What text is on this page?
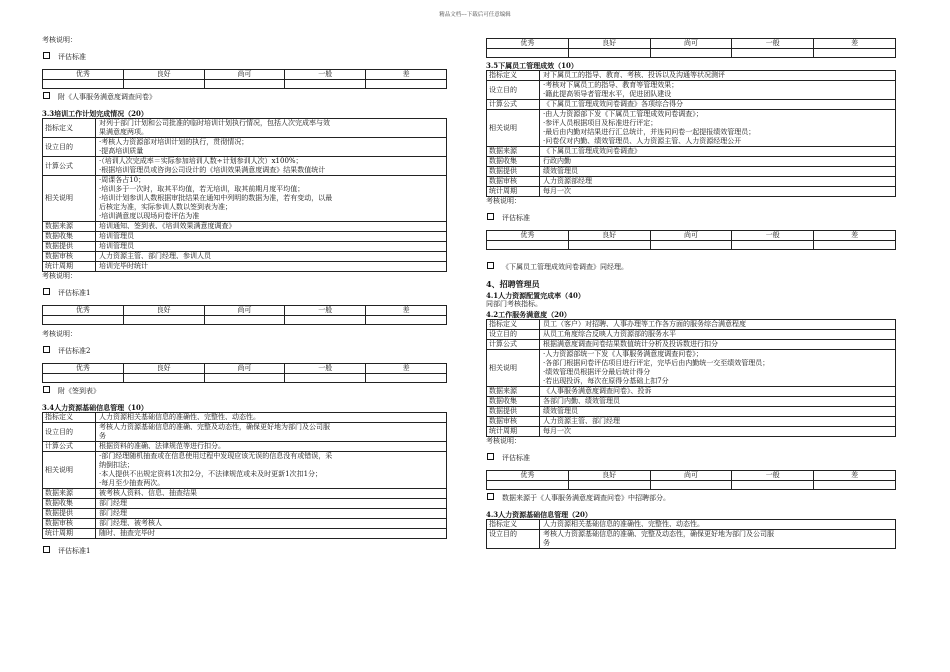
精品文档---下载后可任意编辑

考核说明：

评估标准

优秀	良好	尚可	一般	差

附《人事服务满意度调查问卷》

3.3培训工作计划完成情况（20）

指标定义	对列于部门计划和公司批准的临时培训计划执行情况，包括人次完成率与效
果满意度两项。

设立目的	·考核人力资源部对培训计划的执行，贯彻情况；
·提高培训质量

计算公式	·（培训人次完成率＝实际参加培训人数÷计划参训人次）x100%；
·根据培训管理员或咨询公司设计的《培训效果满意度调查》结果数值统计

相关说明	·周课各占10；
·培训多于一次时，取其平均值，若无培训，取其前期月度平均值；
·培训计划参训人数根据审批结果在通知中列明的数据为准，若有变动，以最
后核定为准，实际参训人数以签到表为准；
·培训满意度以现场问卷评估为准

数据来源	培训通知、签到表、《培训效果满意度调查》
数据收集	培训管理员
数据提供	培训管理员
数据审核	人力资源主管、部门经理、参训人员
统计周期	培训完毕时统计

考核说明：

评估标准1

优秀	良好	尚可	一般	差

考核说明：

评估标准2

优秀	良好	尚可	一般	差

附《签到表》

3.4人力资源基础信息管理（10）

指标定义	人力资源相关基础信息的准确性、完整性、动态性。
设立目的	考核人力资源基础信息的准确、完整及动态性，确保更好地为部门及公司服
务

计算公式	根据资料的准确、法律规范等进行扣分。
相关说明	·部门经理随机抽查或在信息使用过程中发现应该无误的信息没有或错误，采
纳倒扣法；
·本人提供不出规定资料1次扣2分，不法律规范或未及时更新1次扣1分；
·每月至少抽查两次。

数据来源	被考核人资料、信息、抽查结果
数据收集	部门经理
数据提供	部门经理
数据审核	部门经理、被考核人
统计周期	随时、抽查完毕时

评估标准1

优秀	良好	尚可	一般	差

3.5下属员工管理成效（10）

指标定义	对下属员工的指导、教育、考核、投诉以及沟通等状况测评
设立目的	·考核对下属员工的指导、教育等管理效果；
·籍此提高领导者管理水平，促进团队建设

计算公式	《下属员工管理成效问卷调查》各项综合得分
相关说明	·由人力资源部下发《下属员工管理成效问卷调查》；
·参评人员根据项目及标准进行评定；
·最后由内勤对结果进行汇总统计，并连同问卷一起提报绩效管理员；
·问卷仅对内勤、绩效管理员、人力资源主管、人力资源经理公开

数据来源	《下属员工管理成效问卷调查》
数据收集	行政内勤
数据提供	绩效管理员
数据审核	人力资源部经理
统计周期	每月一次

考核说明：

评估标准

优秀	良好	尚可	一般	差

《下属员工管理成效问卷调查》同经理。

4、招聘管理员

4.1人力资源配置完成率（40）

同部门考核指标。

4.2工作服务满意度（20）

指标定义	员工（客户）对招聘、人事办理等工作各方面的服务综合满意程度
设立目的	从员工角度综合反映人力资源部的服务水平
计算公式	根据满意度调查问卷结果数值统计分析及投诉数进行扣分
相关说明	·人力资源部统一下发《人事服务满意度调查问卷》；
·各部门根据问卷评估项目进行评定，完毕后由内勤统一交至绩效管理员；
·绩效管理员根据评分最后统计得分
·若出现投诉，每次在原得分基础上扣7分

数据来源	《人事服务满意度调查问卷》、投诉
数据收集	各部门内勤、绩效管理员
数据提供	绩效管理员
数据审核	人力资源主管、部门经理
统计周期	每月一次

考核说明：

评估标准

优秀	良好	尚可	一般	差

数据来源于《人事服务满意度调查问卷》中招聘部分。

4.3人力资源基础信息管理（20）

指标定义	人力资源相关基础信息的准确性、完整性、动态性。
设立目的	考核人力资源基础信息的准确、完整及动态性，确保更好地为部门及公司服
务
